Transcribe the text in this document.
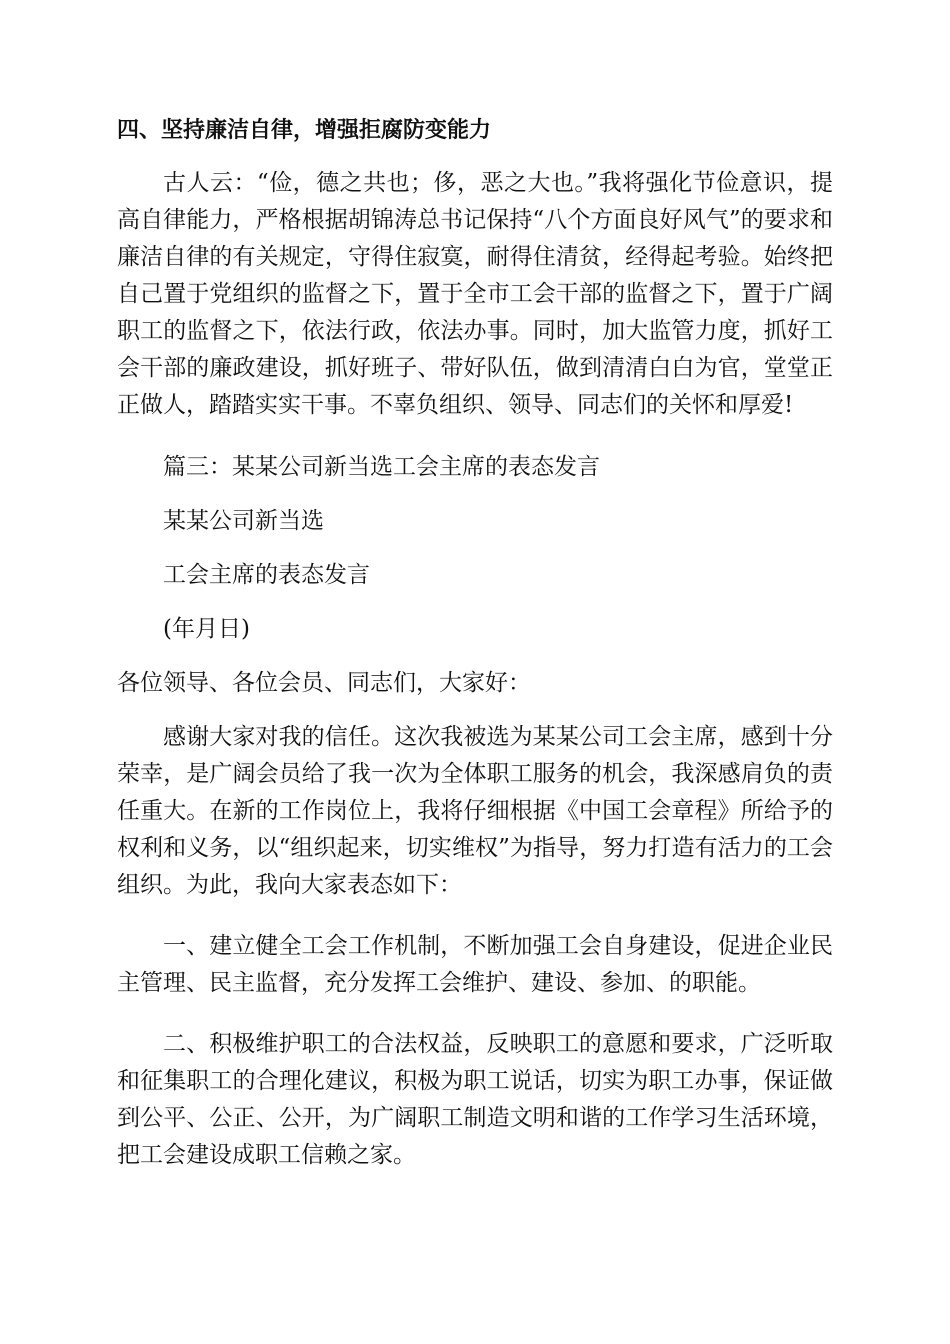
四、坚持廉洁自律，增强拒腐防变能力

古人云：“俭，德之共也；侈，恶之大也。”我将强化节俭意识，提高自律能力，严格根据胡锦涛总书记保持“八个方面良好风气”的要求和廉洁自律的有关规定，守得住寂寞，耐得住清贫，经得起考验。始终把自己置于党组织的监督之下，置于全市工会干部的监督之下，置于广阔职工的监督之下，依法行政，依法办事。同时，加大监管力度，抓好工会干部的廉政建设，抓好班子、带好队伍，做到清清白白为官，堂堂正正做人，踏踏实实干事。不辜负组织、领导、同志们的关怀和厚爱!

篇三：某某公司新当选工会主席的表态发言

某某公司新当选

工会主席的表态发言

(年月日)

各位领导、各位会员、同志们，大家好：

感谢大家对我的信任。这次我被选为某某公司工会主席，感到十分荣幸，是广阔会员给了我一次为全体职工服务的机会，我深感肩负的责任重大。在新的工作岗位上，我将仔细根据《中国工会章程》所给予的权利和义务，以“组织起来，切实维权”为指导，努力打造有活力的工会组织。为此，我向大家表态如下：

一、建立健全工会工作机制，不断加强工会自身建设，促进企业民主管理、民主监督，充分发挥工会维护、建设、参加、的职能。

二、积极维护职工的合法权益，反映职工的意愿和要求，广泛听取和征集职工的合理化建议，积极为职工说话，切实为职工办事，保证做到公平、公正、公开，为广阔职工制造文明和谐的工作学习生活环境，把工会建设成职工信赖之家。
